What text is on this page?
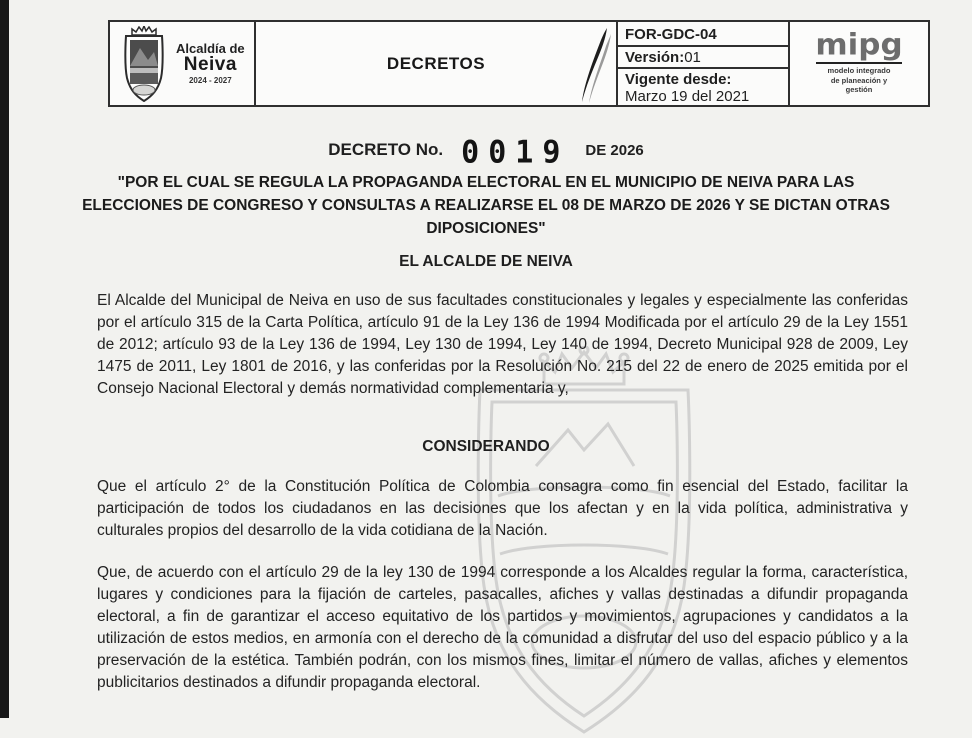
Alcaldía de
Neiva
2024 - 2027
DECRETOS
FOR-GDC-04
Versión: 01
Vigente desde:
Marzo 19 del 2021
mipg
modelo integrado
de planeación y
gestión
DECRETO No. 0019 DE 2026
"POR EL CUAL SE REGULA LA PROPAGANDA ELECTORAL EN EL MUNICIPIO DE NEIVA PARA LAS ELECCIONES DE CONGRESO Y CONSULTAS A REALIZARSE EL 08 DE MARZO DE 2026 Y SE DICTAN OTRAS DIPOSICIONES"
EL ALCALDE DE NEIVA
El Alcalde del Municipal de Neiva en uso de sus facultades constitucionales y legales y especialmente las conferidas por el artículo 315 de la Carta Política, artículo 91 de la Ley 136 de 1994 Modificada por el artículo 29 de la Ley 1551 de 2012; artículo 93 de la Ley 136 de 1994, Ley 130 de 1994, Ley 140 de 1994, Decreto Municipal 928 de 2009, Ley 1475 de 2011, Ley 1801 de 2016, y las conferidas por la Resolución No. 215 del 22 de enero de 2025 emitida por el Consejo Nacional Electoral y demás normatividad complementaria y,
CONSIDERANDO
Que el artículo 2° de la Constitución Política de Colombia consagra como fin esencial del Estado, facilitar la participación de todos los ciudadanos en las decisiones que los afectan y en la vida política, administrativa y culturales propios del desarrollo de la vida cotidiana de la Nación.
Que, de acuerdo con el artículo 29 de la ley 130 de 1994 corresponde a los Alcaldes regular la forma, característica, lugares y condiciones para la fijación de carteles, pasacalles, afiches y vallas destinadas a difundir propaganda electoral, a fin de garantizar el acceso equitativo de los partidos y movimientos, agrupaciones y candidatos a la utilización de estos medios, en armonía con el derecho de la comunidad a disfrutar del uso del espacio público y a la preservación de la estética. También podrán, con los mismos fines, limitar el número de vallas, afiches y elementos publicitarios destinados a difundir propaganda electoral.
